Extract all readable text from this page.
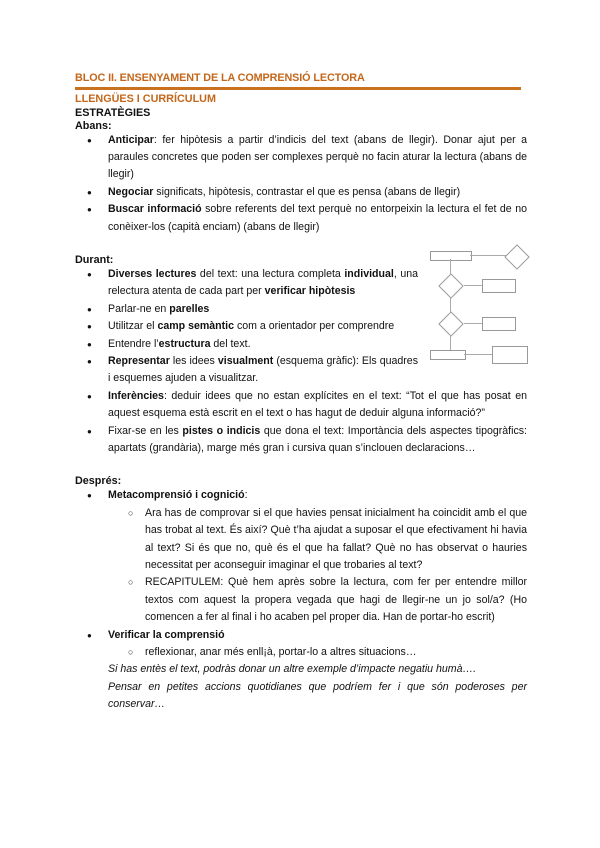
BLOC II. ENSENYAMENT DE LA COMPRENSIÓ LECTORA
LLENGÜES I CURRÍCULUM
ESTRATÈGIES
Abans:
● Anticipar: fer hipòtesis a partir d’indicis del text (abans de llegir). Donar ajut per a paraules concretes que poden ser complexes perquè no facin aturar la lectura (abans de llegir)
● Negociar significats, hipòtesis, contrastar el que es pensa (abans de llegir)
● Buscar informació sobre referents del text perquè no entorpeixin la lectura el fet de no conèixer-los (capità enciam) (abans de llegir)
Durant:
● Diverses lectures del text: una lectura completa individual, una relectura atenta de cada part per verificar hipòtesis
● Parlar-ne en parelles
● Utilitzar el camp semàntic com a orientador per comprendre
● Entendre l’estructura del text.
● Representar les idees visualment (esquema gràfic): Els quadres i esquemes ajuden a visualitzar.
● Inferències: deduir idees que no estan explícites en el text: “Tot el que has posat en aquest esquema està escrit en el text o has hagut de deduir alguna informació?”
● Fixar-se en les pistes o indicis que dona el text: Importància dels aspectes tipogràfics: apartats (grandària), marge més gran i cursiva quan s’inclouen declaracions…
Després:
● Metacomprensió i cognició:
○ Ara has de comprovar si el que havies pensat inicialment ha coincidit amb el que has trobat al text. És així? Què t’ha ajudat a suposar el que efectivament hi havia al text? Si és que no, què és el que ha fallat? Què no has observat o hauries necessitat per aconseguir imaginar el que trobaries al text?
○ RECAPITULEM: Què hem après sobre la lectura, com fer per entendre millor textos com aquest la propera vegada que hagi de llegir-ne un jo sol/a? (Ho comencen a fer al final i ho acaben pel proper dia. Han de portar-ho escrit)
● Verificar la comprensió
○ reflexionar, anar més enll¡à, portar-lo a altres situacions…
Si has entès el text, podràs donar un altre exemple d’impacte negatiu humà….
Pensar en petites accions quotidianes que podríem fer i que són poderoses per conservar…
